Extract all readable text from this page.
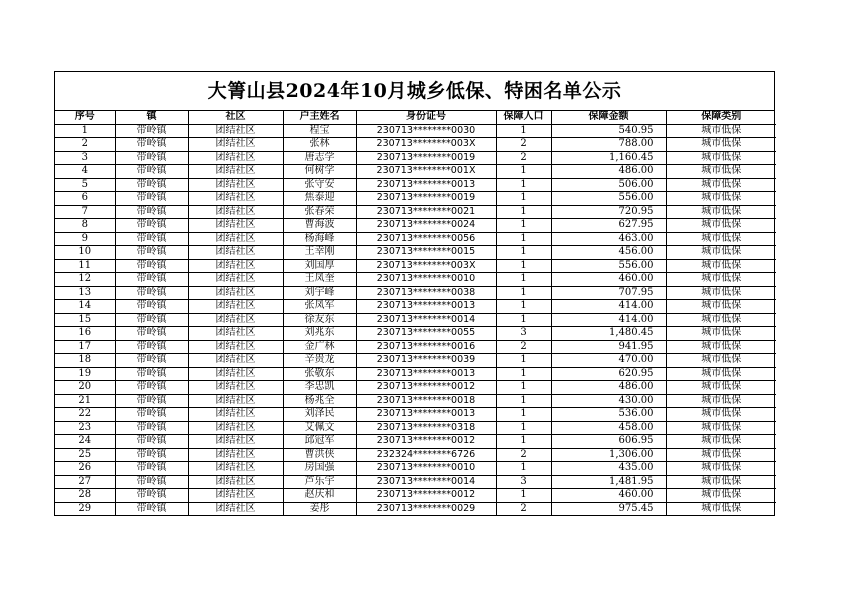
大箐山县2024年10月城乡低保、特困名单公示
序号	镇	社区	户主姓名	身份证号	保障人口	保障金额	保障类别
1	带岭镇	团结社区	程宝	230713********0030	1	540.95	城市低保
2	带岭镇	团结社区	张林	230713********003X	2	788.00	城市低保
3	带岭镇	团结社区	唐志学	230713********0019	2	1,160.45	城市低保
4	带岭镇	团结社区	何树学	230713********001X	1	486.00	城市低保
5	带岭镇	团结社区	张守安	230713********0013	1	506.00	城市低保
6	带岭镇	团结社区	焦泰迎	230713********0019	1	556.00	城市低保
7	带岭镇	团结社区	张春荣	230713********0021	1	720.95	城市低保
8	带岭镇	团结社区	曹海波	230713********0024	1	627.95	城市低保
9	带岭镇	团结社区	杨海峰	230713********0056	1	463.00	城市低保
10	带岭镇	团结社区	王幸刚	230713********0015	1	456.00	城市低保
11	带岭镇	团结社区	刘国厚	230713********003X	1	556.00	城市低保
12	带岭镇	团结社区	王凤奎	230713********0010	1	460.00	城市低保
13	带岭镇	团结社区	刘宇峰	230713********0038	1	707.95	城市低保
14	带岭镇	团结社区	张凤军	230713********0013	1	414.00	城市低保
15	带岭镇	团结社区	徐友东	230713********0014	1	414.00	城市低保
16	带岭镇	团结社区	刘兆东	230713********0055	3	1,480.45	城市低保
17	带岭镇	团结社区	金广林	230713********0016	2	941.95	城市低保
18	带岭镇	团结社区	辛贵龙	230713********0039	1	470.00	城市低保
19	带岭镇	团结社区	张敬东	230713********0013	1	620.95	城市低保
20	带岭镇	团结社区	李忠凯	230713********0012	1	486.00	城市低保
21	带岭镇	团结社区	杨兆全	230713********0018	1	430.00	城市低保
22	带岭镇	团结社区	刘泽民	230713********0013	1	536.00	城市低保
23	带岭镇	团结社区	艾佩文	230713********0318	1	458.00	城市低保
24	带岭镇	团结社区	邱冠军	230713********0012	1	606.95	城市低保
25	带岭镇	团结社区	曹洪侠	232324********6726	2	1,306.00	城市低保
26	带岭镇	团结社区	房国强	230713********0010	1	435.00	城市低保
27	带岭镇	团结社区	芦乐宇	230713********0014	3	1,481.95	城市低保
28	带岭镇	团结社区	赵庆和	230713********0012	1	460.00	城市低保
29	带岭镇	团结社区	姜彤	230713********0029	2	975.45	城市低保
